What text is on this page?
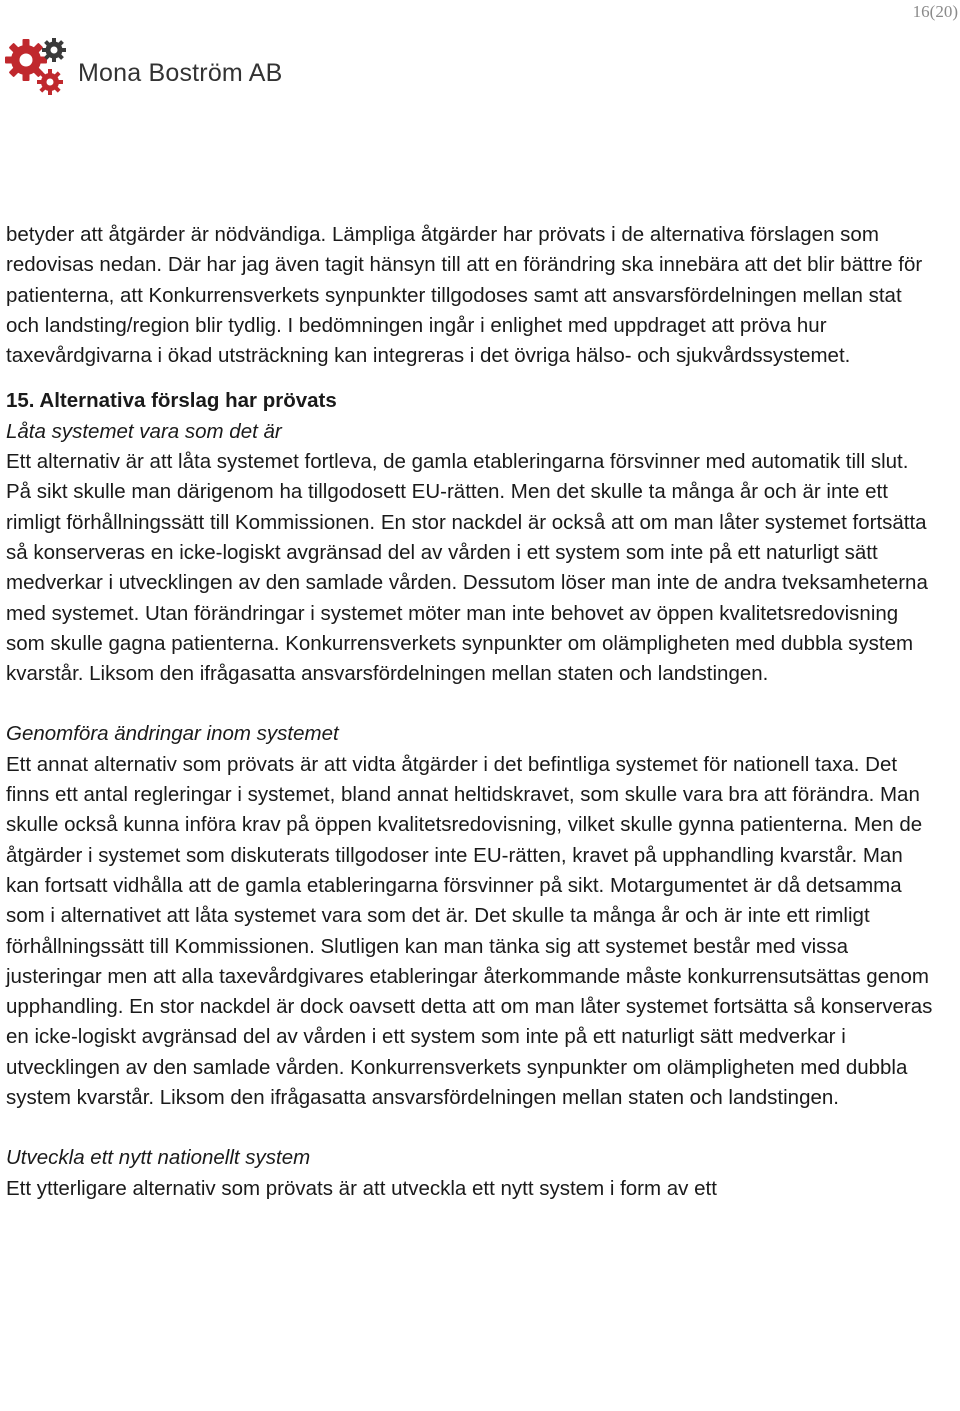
16(20)
Mona Boström AB

betyder att åtgärder är nödvändiga. Lämpliga åtgärder har prövats i de alternativa förslagen som redovisas nedan. Där har jag även tagit hänsyn till att en förändring ska innebära att det blir bättre för patienterna, att Konkurrensverkets synpunkter tillgodoses samt att ansvarsfördelningen mellan stat och landsting/region blir tydlig. I bedömningen ingår i enlighet med uppdraget att pröva hur taxevårdgivarna i ökad utsträckning kan integreras i det övriga hälso- och sjukvårdssystemet.

15. Alternativa förslag har prövats

Låta systemet vara som det är

Ett alternativ är att låta systemet fortleva, de gamla etableringarna försvinner med automatik till slut. På sikt skulle man därigenom ha tillgodosett EU-rätten. Men det skulle ta många år och är inte ett rimligt förhållningssätt till Kommissionen. En stor nackdel är också att om man låter systemet fortsätta så konserveras en icke-logiskt avgränsad del av vården i ett system som inte på ett naturligt sätt medverkar i utvecklingen av den samlade vården. Dessutom löser man inte de andra tveksamheterna med systemet. Utan förändringar i systemet möter man inte behovet av öppen kvalitetsredovisning som skulle gagna patienterna. Konkurrensverkets synpunkter om olämpligheten med dubbla system kvarstår. Liksom den ifrågasatta ansvarsfördelningen mellan staten och landstingen.

Genomföra ändringar inom systemet

Ett annat alternativ som prövats är att vidta åtgärder i det befintliga systemet för nationell taxa. Det finns ett antal regleringar i systemet, bland annat heltidskravet, som skulle vara bra att förändra. Man skulle också kunna införa krav på öppen kvalitetsredovisning, vilket skulle gynna patienterna. Men de åtgärder i systemet som diskuterats tillgodoser inte EU-rätten, kravet på upphandling kvarstår. Man kan fortsatt vidhålla att de gamla etableringarna försvinner på sikt. Motargumentet är då detsamma som i alternativet att låta systemet vara som det är. Det skulle ta många år och är inte ett rimligt förhållningssätt till Kommissionen. Slutligen kan man tänka sig att systemet består med vissa justeringar men att alla taxevårdgivares etableringar återkommande måste konkurrensutsättas genom upphandling. En stor nackdel är dock oavsett detta att om man låter systemet fortsätta så konserveras en icke-logiskt avgränsad del av vården i ett system som inte på ett naturligt sätt medverkar i utvecklingen av den samlade vården. Konkurrensverkets synpunkter om olämpligheten med dubbla system kvarstår. Liksom den ifrågasatta ansvarsfördelningen mellan staten och landstingen.

Utveckla ett nytt nationellt system

Ett ytterligare alternativ som prövats är att utveckla ett nytt system i form av ett
